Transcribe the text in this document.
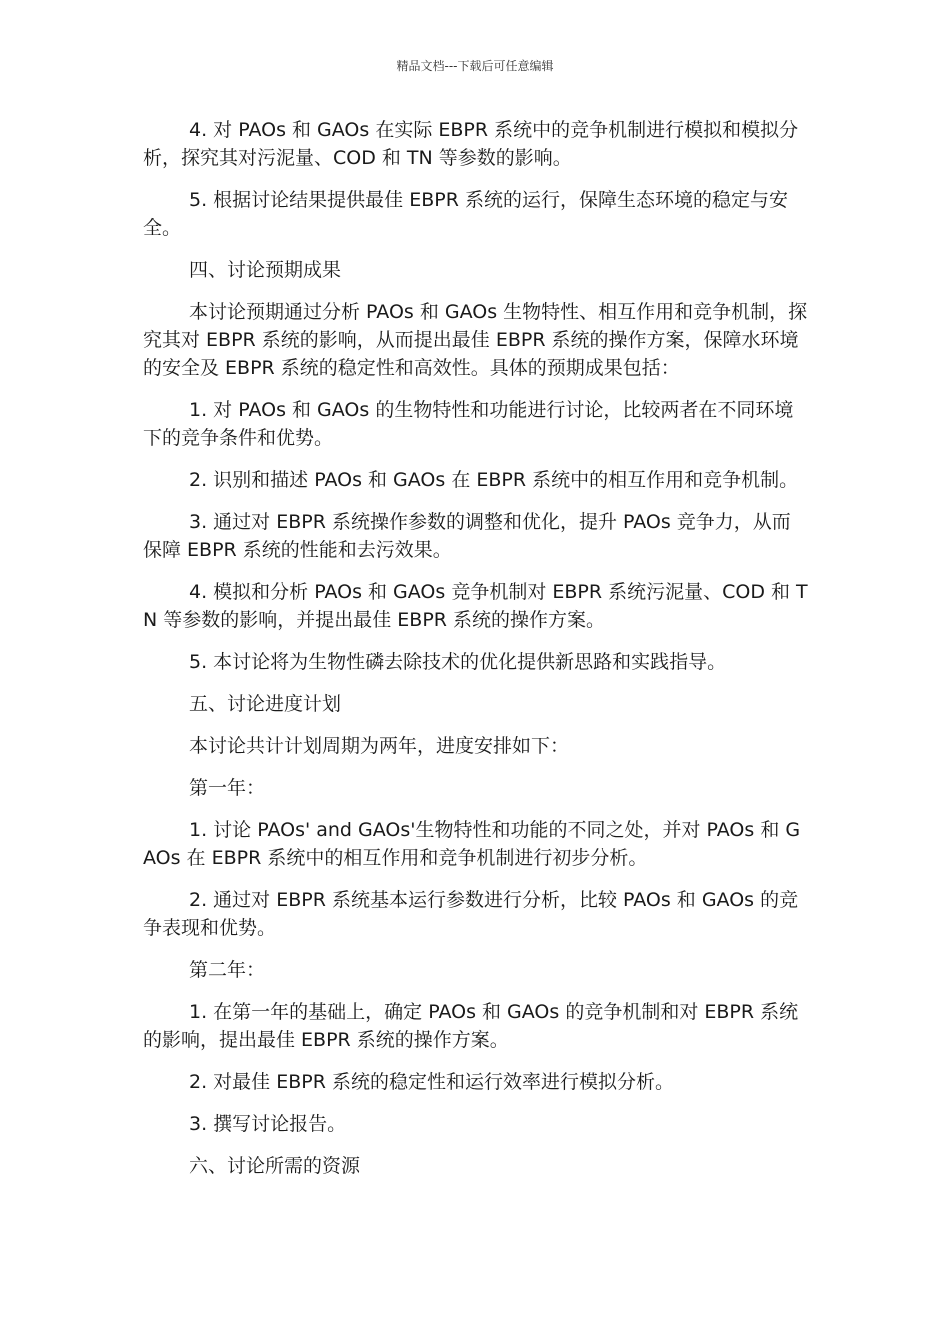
精品文档---下载后可任意编辑

4. 对 PAOs 和 GAOs 在实际 EBPR 系统中的竞争机制进行模拟和模拟分析，探究其对污泥量、COD 和 TN 等参数的影响。

5. 根据讨论结果提供最佳 EBPR 系统的运行，保障生态环境的稳定与安全。

四、讨论预期成果

本讨论预期通过分析 PAOs 和 GAOs 生物特性、相互作用和竞争机制，探究其对 EBPR 系统的影响，从而提出最佳 EBPR 系统的操作方案，保障水环境的安全及 EBPR 系统的稳定性和高效性。具体的预期成果包括：

1. 对 PAOs 和 GAOs 的生物特性和功能进行讨论，比较两者在不同环境下的竞争条件和优势。

2. 识别和描述 PAOs 和 GAOs 在 EBPR 系统中的相互作用和竞争机制。

3. 通过对 EBPR 系统操作参数的调整和优化，提升 PAOs 竞争力，从而保障 EBPR 系统的性能和去污效果。

4. 模拟和分析 PAOs 和 GAOs 竞争机制对 EBPR 系统污泥量、COD 和 TN 等参数的影响，并提出最佳 EBPR 系统的操作方案。

5. 本讨论将为生物性磷去除技术的优化提供新思路和实践指导。

五、讨论进度计划

本讨论共计计划周期为两年，进度安排如下：

第一年：

1. 讨论 PAOs' and GAOs'生物特性和功能的不同之处，并对 PAOs 和 GAOs 在 EBPR 系统中的相互作用和竞争机制进行初步分析。

2. 通过对 EBPR 系统基本运行参数进行分析，比较 PAOs 和 GAOs 的竞争表现和优势。

第二年：

1. 在第一年的基础上，确定 PAOs 和 GAOs 的竞争机制和对 EBPR 系统的影响，提出最佳 EBPR 系统的操作方案。

2. 对最佳 EBPR 系统的稳定性和运行效率进行模拟分析。

3. 撰写讨论报告。

六、讨论所需的资源
